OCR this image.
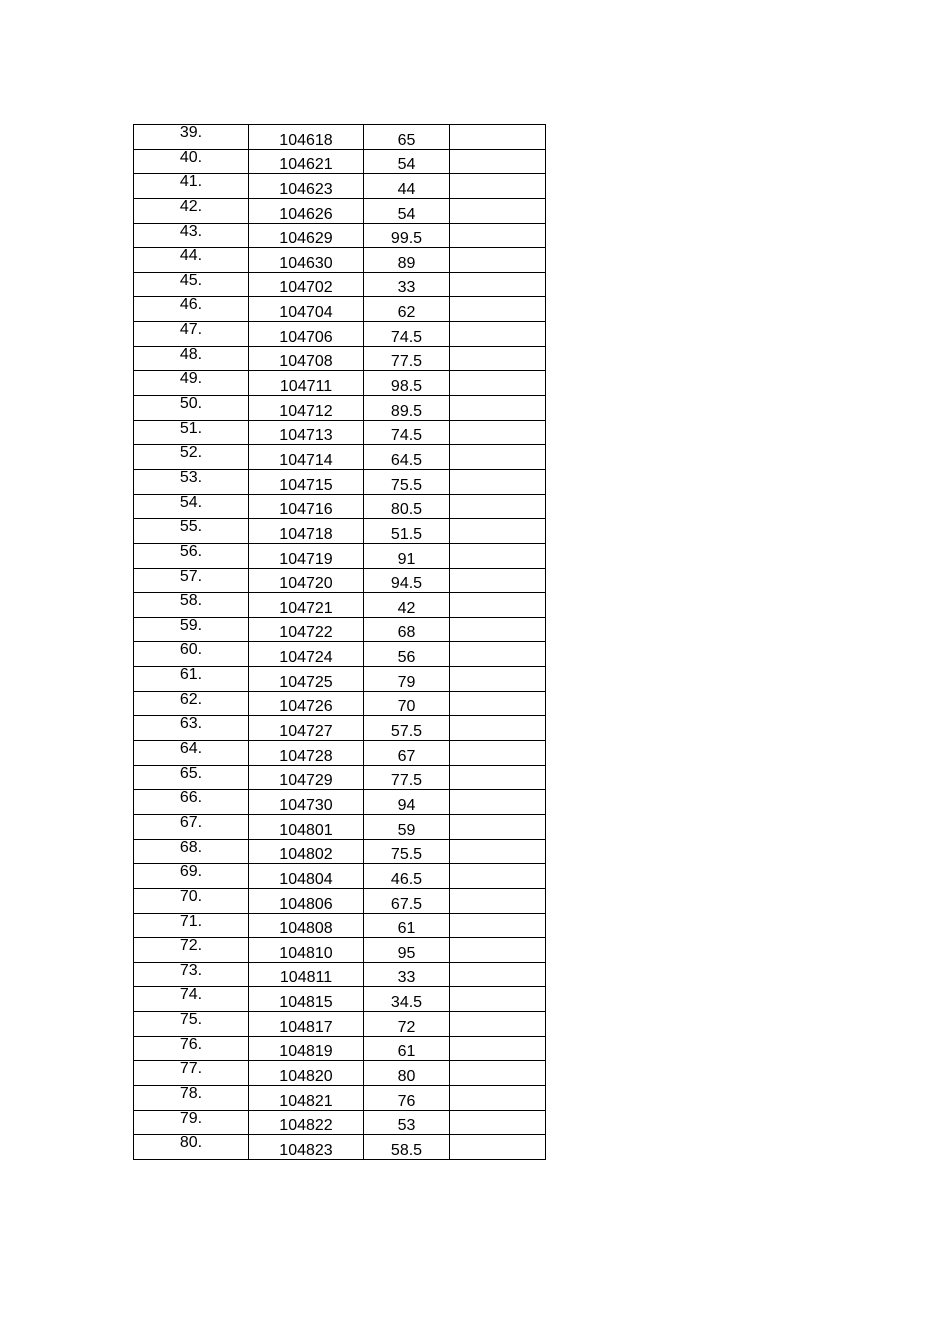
39.	104618	65	
40.	104621	54	
41.	104623	44	
42.	104626	54	
43.	104629	99.5	
44.	104630	89	
45.	104702	33	
46.	104704	62	
47.	104706	74.5	
48.	104708	77.5	
49.	104711	98.5	
50.	104712	89.5	
51.	104713	74.5	
52.	104714	64.5	
53.	104715	75.5	
54.	104716	80.5	
55.	104718	51.5	
56.	104719	91	
57.	104720	94.5	
58.	104721	42	
59.	104722	68	
60.	104724	56	
61.	104725	79	
62.	104726	70	
63.	104727	57.5	
64.	104728	67	
65.	104729	77.5	
66.	104730	94	
67.	104801	59	
68.	104802	75.5	
69.	104804	46.5	
70.	104806	67.5	
71.	104808	61	
72.	104810	95	
73.	104811	33	
74.	104815	34.5	
75.	104817	72	
76.	104819	61	
77.	104820	80	
78.	104821	76	
79.	104822	53	
80.	104823	58.5	
